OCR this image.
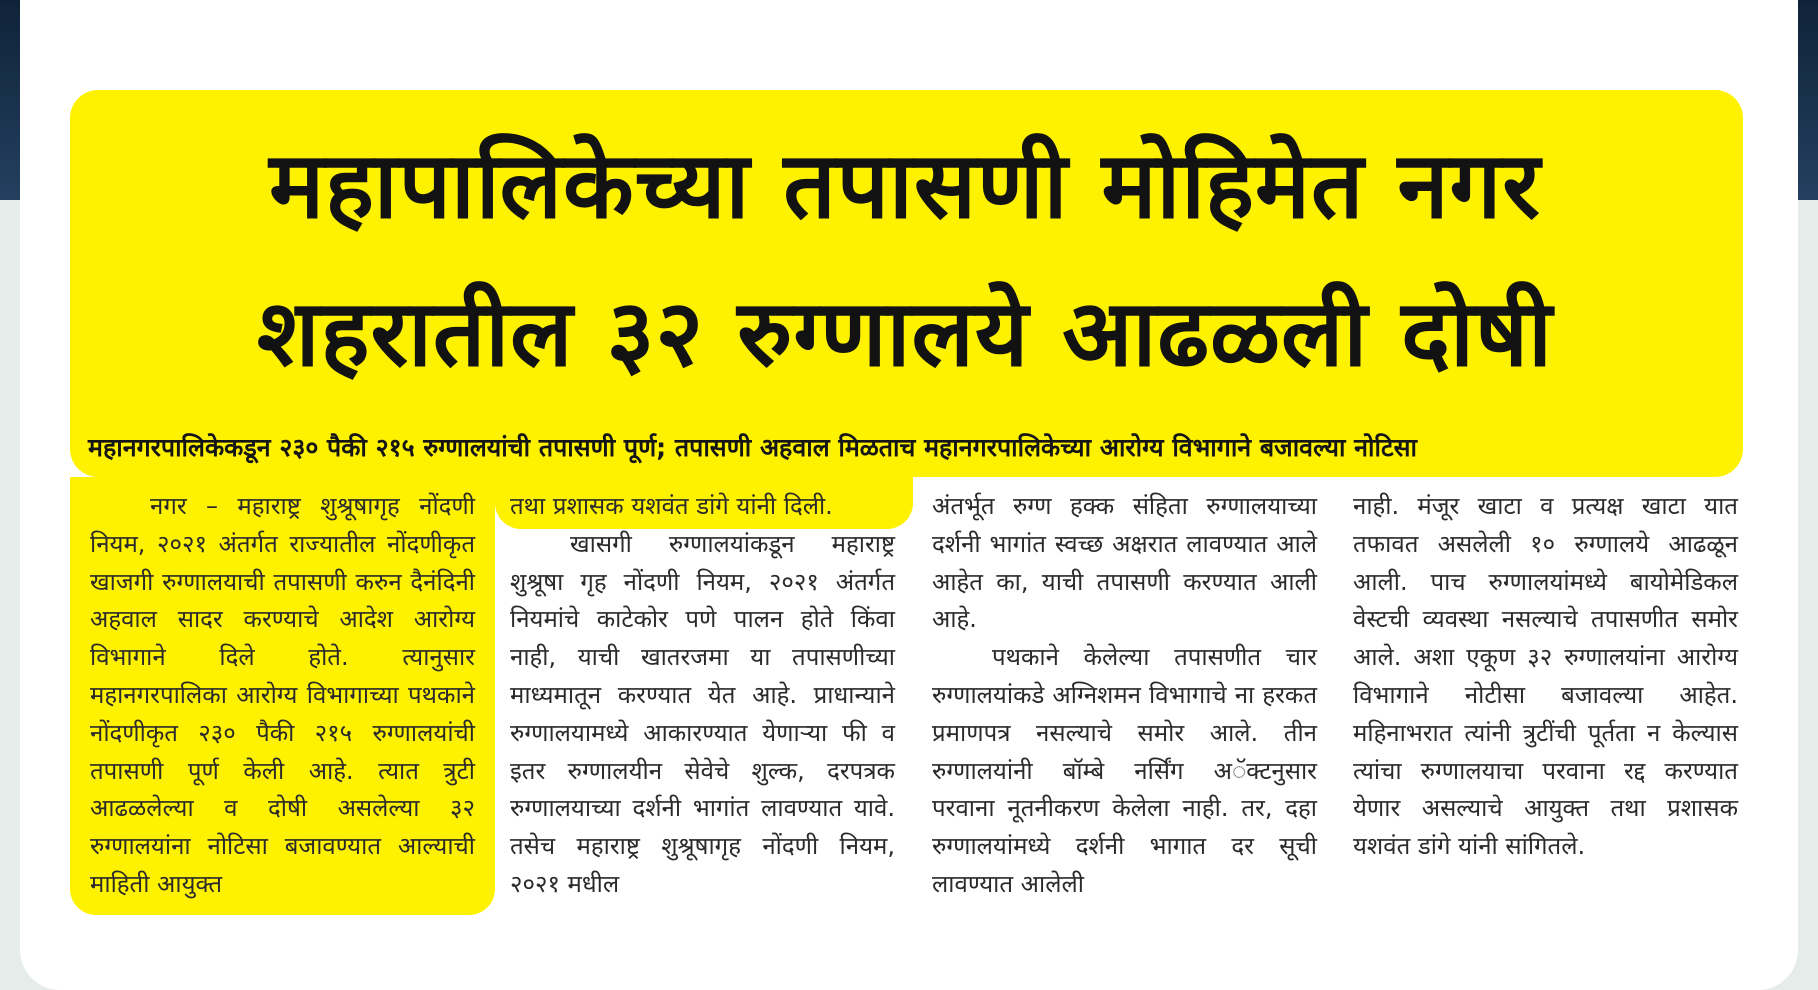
महापालिकेच्या तपासणी मोहिमेत नगर
शहरातील ३२ रुग्णालये आढळली दोषी
महानगरपालिकेकडून २३० पैकी २१५ रुग्णालयांची तपासणी पूर्ण; तपासणी अहवाल मिळताच महानगरपालिकेच्या आरोग्य विभागाने बजावल्या नोटिसा

नगर – महाराष्ट्र शुश्रूषागृह नोंदणी नियम, २०२१ अंतर्गत राज्यातील नोंदणीकृत खाजगी रुग्णालयाची तपासणी करुन दैनंदिनी अहवाल सादर करण्याचे आदेश आरोग्य विभागाने दिले होते. त्यानुसार महानगरपालिका आरोग्य विभागाच्या पथकाने नोंदणीकृत २३० पैकी २१५ रुग्णालयांची तपासणी पूर्ण केली आहे. त्यात त्रुटी आढळलेल्या व दोषी असलेल्या ३२ रुग्णालयांना नोटिसा बजावण्यात आल्याची माहिती आयुक्त

तथा प्रशासक यशवंत डांगे यांनी दिली.

खासगी रुग्णालयांकडून महाराष्ट्र शुश्रूषा गृह नोंदणी नियम, २०२१ अंतर्गत नियमांचे काटेकोर पणे पालन होते किंवा नाही, याची खातरजमा या तपासणीच्या माध्यमातून करण्यात येत आहे. प्राधान्याने रुग्णालयामध्ये आकारण्यात येणाऱ्या फी व इतर रुग्णालयीन सेवेचे शुल्क, दरपत्रक रुग्णालयाच्या दर्शनी भागांत लावण्यात यावे. तसेच महाराष्ट्र शुश्रूषागृह नोंदणी नियम, २०२१ मधील

अंतर्भूत रुग्ण हक्क संहिता रुग्णालयाच्या दर्शनी भागांत स्वच्छ अक्षरात लावण्यात आले आहेत का, याची तपासणी करण्यात आली आहे.

पथकाने केलेल्या तपासणीत चार रुग्णालयांकडे अग्निशमन विभागाचे ना हरकत प्रमाणपत्र नसल्याचे समोर आले. तीन रुग्णालयांनी बॉम्बे नर्सिंग अॅक्टनुसार परवाना नूतनीकरण केलेला नाही. तर, दहा रुग्णालयांमध्ये दर्शनी भागात दर सूची लावण्यात आलेली

नाही. मंजूर खाटा व प्रत्यक्ष खाटा यात तफावत असलेली १० रुग्णालये आढळून आली. पाच रुग्णालयांमध्ये बायोमेडिकल वेस्टची व्यवस्था नसल्याचे तपासणीत समोर आले. अशा एकूण ३२ रुग्णालयांना आरोग्य विभागाने नोटीसा बजावल्या आहेत. महिनाभरात त्यांनी त्रुटींची पूर्तता न केल्यास त्यांचा रुग्णालयाचा परवाना रद्द करण्यात येणार असल्याचे आयुक्त तथा प्रशासक यशवंत डांगे यांनी सांगितले.
